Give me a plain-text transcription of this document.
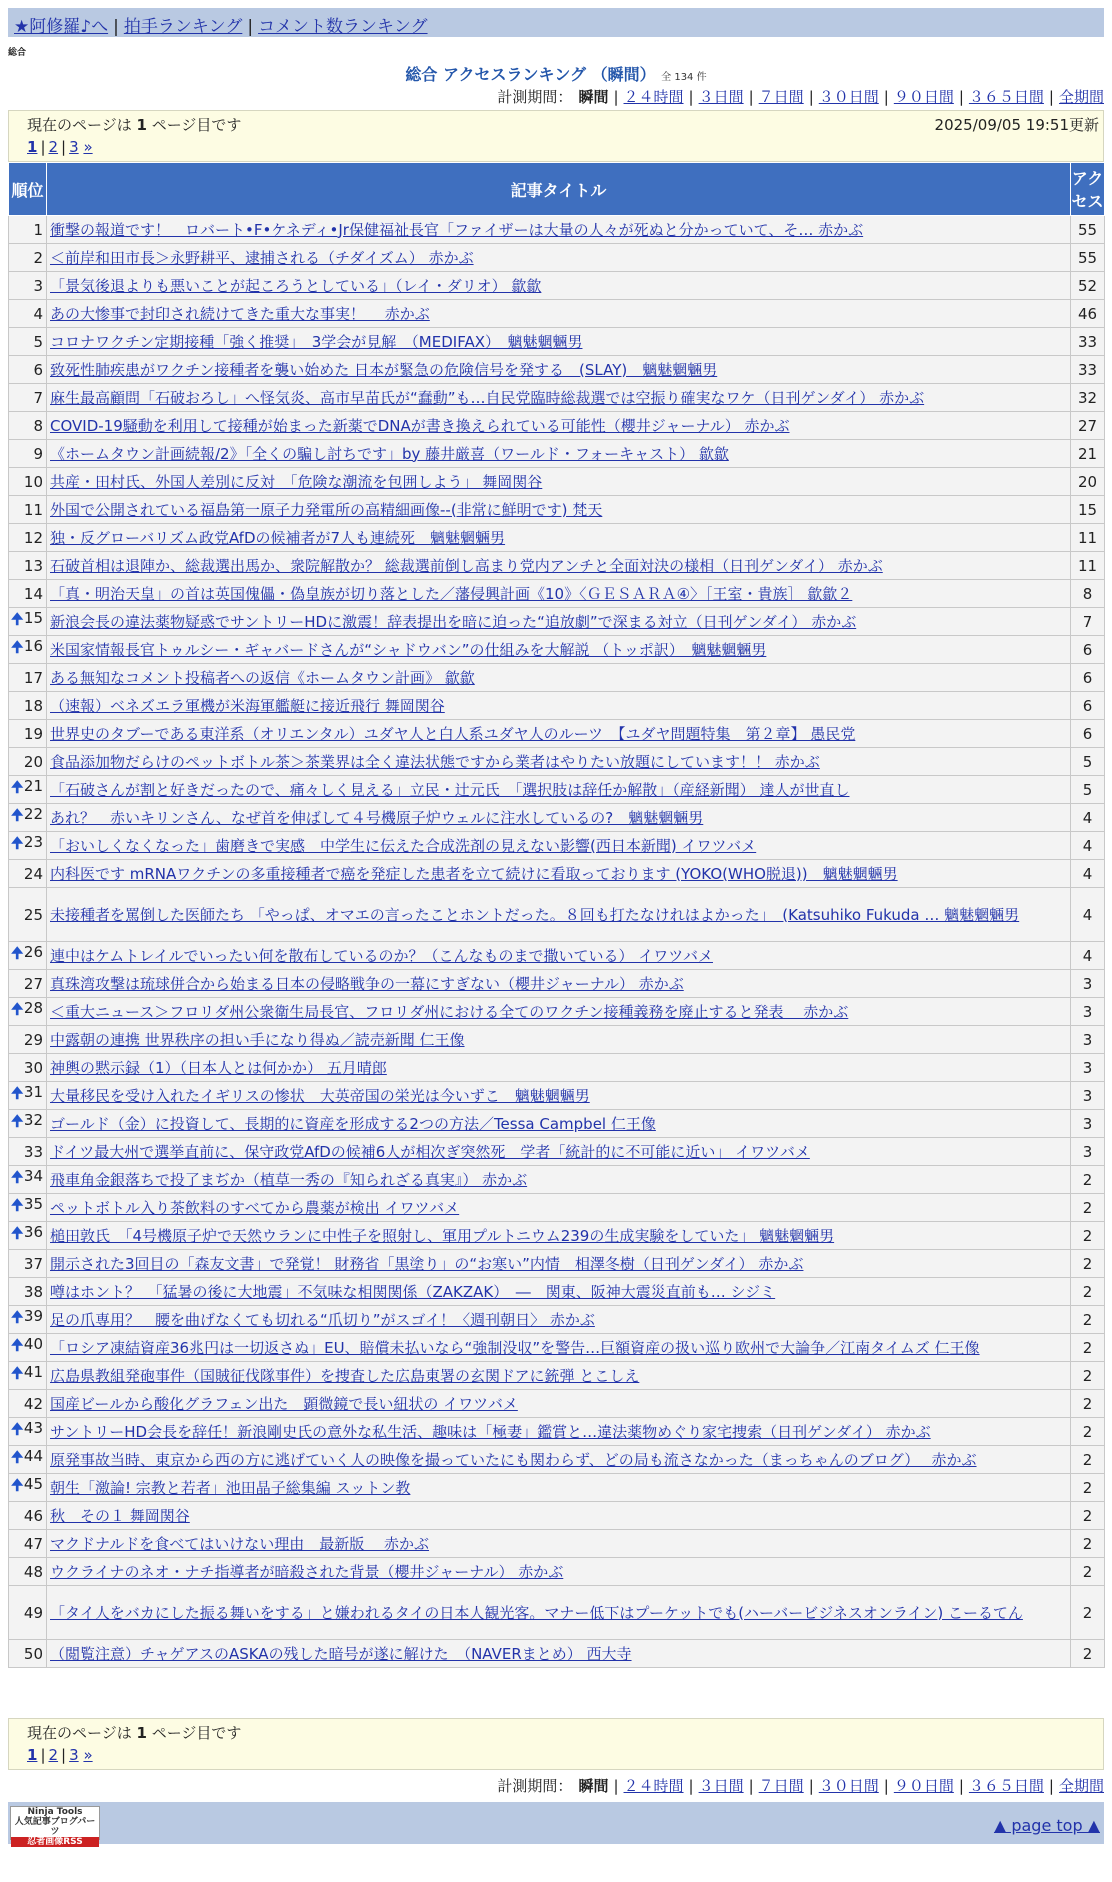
★阿修羅♪へ | 拍手ランキング | コメント数ランキング
総合
総合 アクセスランキング （瞬間） 全 134 件
計測期間： 瞬間 | ２４時間 | ３日間 | ７日間 | ３０日間 | ９０日間 | ３６５日間 | 全期間
現在のページは 1 ページ目です	2025/09/05 19:51更新
1 | 2 | 3 »
順位	記事タイトル	アクセス
1	衝撃の報道です！　ロバート•F•ケネディ•Jr保健福祉長官「ファイザーは大量の人々が死ぬと分かっていて、そ… 赤かぶ	55
2	＜前岸和田市長＞永野耕平、逮捕される（チダイズム） 赤かぶ	55
3	「景気後退よりも悪いことが起ころうとしている」（レイ・ダリオ） 歙歙	52
4	あの大惨事で封印され続けてきた重大な事実！　 赤かぶ	46
5	コロナワクチン定期接種「強く推奨」　3学会が見解　（MEDIFAX）　魑魅魍魎男	33
6	致死性肺疾患がワクチン接種者を襲い始めた 日本が緊急の危険信号を発する　(SLAY)　魑魅魍魎男	33
7	麻生最高顧問「石破おろし」へ怪気炎、高市早苗氏が“蠢動”も…自民党臨時総裁選では空振り確実なワケ（日刊ゲンダイ） 赤かぶ	32
8	COVID-19騒動を利用して接種が始まった新薬でDNAが書き換えられている可能性（櫻井ジャーナル） 赤かぶ	27
9	《ホームタウン計画続報/2》「全くの騙し討ちです」by 藤井厳喜（ワールド・フォーキャスト） 歙歙	21
10	共産・田村氏、外国人差別に反対　「危険な潮流を包囲しよう」 舞岡関谷	20
11	外国で公開されている福島第一原子力発電所の高精細画像--(非常に鮮明です) 梵天	15
12	独・反グローバリズム政党AfDの候補者が7人も連続死　魑魅魍魎男	11
13	石破首相は退陣か、総裁選出馬か、衆院解散か？ 総裁選前倒し高まり党内アンチと全面対決の様相（日刊ゲンダイ） 赤かぶ	11
14	「真・明治天皇」の首は英国傀儡・偽皇族が切り落とした／藩侵興計画《10》〈ＧＥＳＡＲＡ④〉［王室・貴族］ 歙歙２	8

🠉 15	新浪会長の違法薬物疑惑でサントリーHDに激震！辞表提出を暗に迫った“追放劇”で深まる対立（日刊ゲンダイ） 赤かぶ	7

🠉 16	米国家情報長官トゥルシー・ギャバードさんが“シャドウバン”の仕組みを大解説 （トッポ訳）　魑魅魍魎男	6
17	ある無知なコメント投稿者への返信《ホームタウン計画》 歙歙	6
18	（速報）ベネズエラ軍機が米海軍艦艇に接近飛行 舞岡関谷	6
19	世界史のタブーである東洋系（オリエンタル）ユダヤ人と白人系ユダヤ人のルーツ　【ユダヤ問題特集　第２章】 愚民党	6
20	食品添加物だらけのペットボトル茶＞茶業界は全く違法状態ですから業者はやりたい放題にしています！！ 赤かぶ	5

🠉 21	「石破さんが割と好きだったので、痛々しく見える」立民・辻元氏　「選択肢は辞任か解散」（産経新聞） 達人が世直し	5

🠉 22	あれ？　赤いキリンさん、なぜ首を伸ばして４号機原子炉ウェルに注水しているの?　魑魅魍魎男	4

🠉 23	「おいしくなくなった」歯磨きで実感　中学生に伝えた合成洗剤の見えない影響(西日本新聞) イワツバメ	4
24	内科医です mRNAワクチンの多重接種者で癌を発症した患者を立て続けに看取っております (YOKO(WHO脱退))　魑魅魍魎男	4
25	未接種者を罵倒した医師たち 「やっぱ、オマエの言ったことホントだった。８回も打たなけれはよかった」　(Katsuhiko Fukuda … 魑魅魍魎男	4

🠉 26	連中はケムトレイルでいったい何を散布しているのか？（こんなものまで撒いている） イワツバメ	4
27	真珠湾攻撃は琉球併合から始まる日本の侵略戦争の一幕にすぎない（櫻井ジャーナル） 赤かぶ	3

🠉 28	＜重大ニュース＞フロリダ州公衆衛生局長官、フロリダ州における全てのワクチン接種義務を廃止すると発表　 赤かぶ	3
29	中露朝の連携 世界秩序の担い手になり得ぬ／読売新聞 仁王像	3
30	神輿の黙示録（1）（日本人とは何かか） 五月晴郎	3

🠉 31	大量移民を受け入れたイギリスの惨状　大英帝国の栄光は今いずこ　魑魅魍魎男	3

🠉 32	ゴールド（金）に投資して、長期的に資産を形成する2つの方法／Tessa Campbel 仁王像	3
33	ドイツ最大州で選挙直前に、保守政党AfDの候補6人が相次ぎ突然死　学者「統計的に不可能に近い」 イワツバメ	3

🠉 34	飛車角金銀落ちで投了まぢか（植草一秀の『知られざる真実』） 赤かぶ	2

🠉 35	ペットボトル入り茶飲料のすべてから農薬が検出 イワツバメ	2

🠉 36	槌田敦氏　「4号機原子炉で天然ウランに中性子を照射し、軍用プルトニウム239の生成実験をしていた」 魑魅魍魎男	2
37	開示された3回目の「森友文書」で発覚！ 財務省「黒塗り」の“お寒い”内情　相澤冬樹（日刊ゲンダイ） 赤かぶ	2
38	噂はホント？　「猛暑の後に大地震」不気味な相関関係（ZAKZAK）　―　関東、阪神大震災直前も… シジミ	2

🠉 39	足の爪専用？　腰を曲げなくても切れる“爪切り”がスゴイ！〈週刊朝日〉 赤かぶ	2

🠉 40	「ロシア凍結資産36兆円は一切返さぬ」EU、賠償未払いなら“強制没収”を警告…巨額資産の扱い巡り欧州で大論争／江南タイムズ 仁王像	2

🠉 41	広島県教組発砲事件（国賊征伐隊事件）を捜査した広島東署の玄関ドアに銃弾 とこしえ	2
42	国産ビールから酸化グラフェン出た　顕微鏡で長い紐状の イワツバメ	2

🠉 43	サントリーHD会長を辞任！新浪剛史氏の意外な私生活、趣味は「極妻」鑑賞と…違法薬物めぐり家宅捜索（日刊ゲンダイ） 赤かぶ	2

🠉 44	原発事故当時、東京から西の方に逃げていく人の映像を撮っていたにも関わらず、どの局も流さなかった（まっちゃんのブログ）　 赤かぶ	2

🠉 45	朝生「激論! 宗教と若者」池田晶子総集編 スットン教	2
46	秋　その１ 舞岡関谷	2
47	マクドナルドを食べてはいけない理由　最新版　 赤かぶ	2
48	ウクライナのネオ・ナチ指導者が暗殺された背景（櫻井ジャーナル） 赤かぶ	2
49	「タイ人をバカにした振る舞いをする」と嫌われるタイの日本人観光客。マナー低下はプーケットでも(ハーバービジネスオンライン) こーるてん	2
50	（閲覧注意）チャゲアスのASKAの残した暗号が遂に解けた　（NAVERまとめ） 西大寺	2
現在のページは 1 ページ目です
1 | 2 | 3 »
計測期間： 瞬間 | ２４時間 | ３日間 | ７日間 | ３０日間 | ９０日間 | ３６５日間 | 全期間
Ninja Tools
人気記事ブログパーツ
忍者画像RSS
▲ page top ▲
